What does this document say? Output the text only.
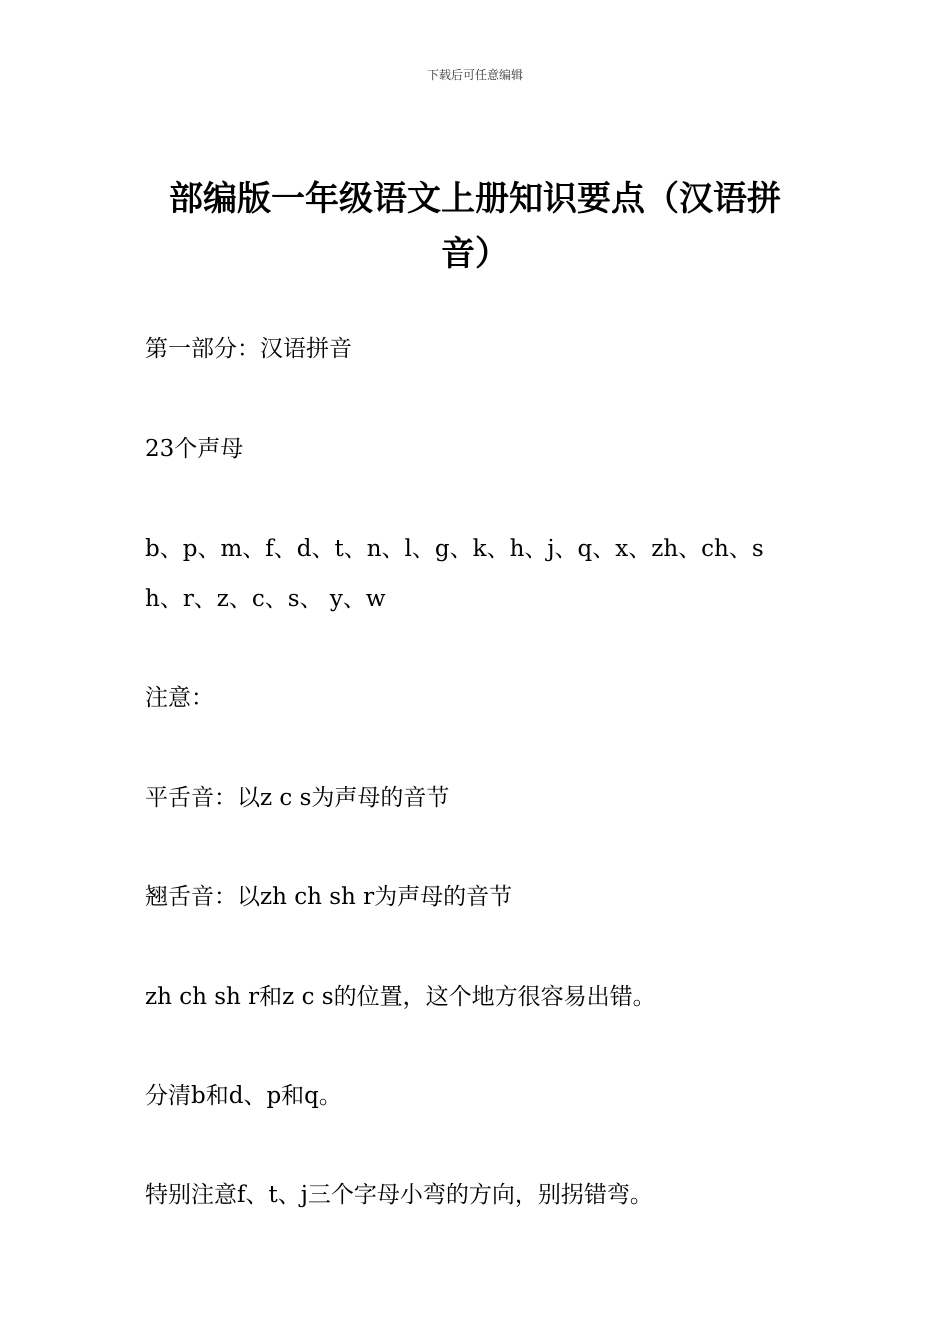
下载后可任意编辑
部编版一年级语文上册知识要点（汉语拼
音）

第一部分：汉语拼音

23个声母

b、p、m、f、d、t、n、l、g、k、h、j、q、x、zh、ch、s

h、r、z、c、s、 y、w

注意：

平舌音：以z c s为声母的音节

翘舌音：以zh ch sh r为声母的音节

zh ch sh r和z c s的位置，这个地方很容易出错。

分清b和d、p和q。

特别注意f、t、j三个字母小弯的方向，别拐错弯。
